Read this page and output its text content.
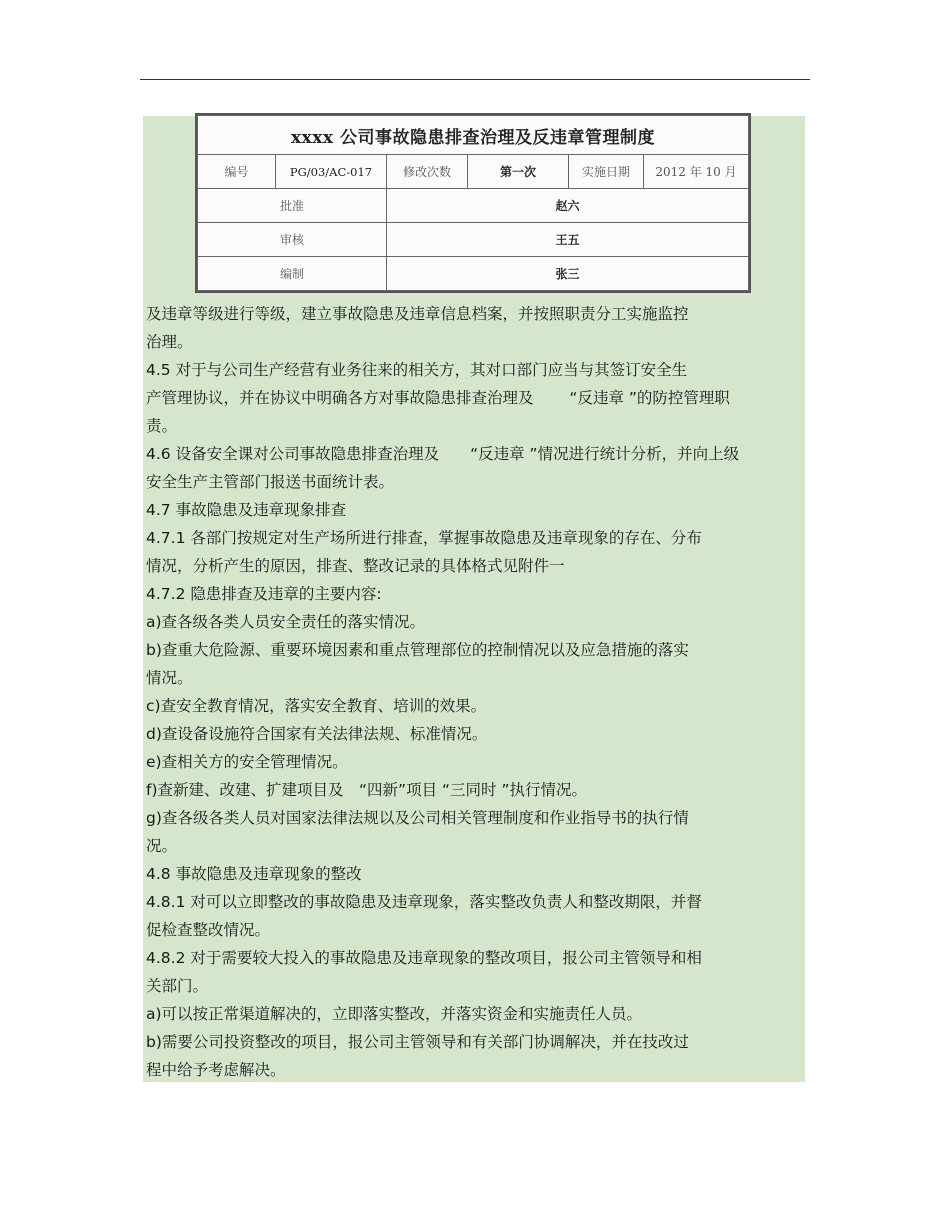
xxxx 公司事故隐患排查治理及反违章管理制度					
编号	PG/03/AC-017	修改次数	第一次	实施日期	2012 年 10 月
批准		赵六			
审核		王五			
编制		张三			

及违章等级进行等级，建立事故隐患及违章信息档案，并按照职责分工实施监控

治理。

4.5 对于与公司生产经营有业务往来的相关方，其对口部门应当与其签订安全生

产管理协议，并在协议中明确各方对事故隐患排查治理及　　 “反违章 ”的防控管理职

责。

4.6 设备安全课对公司事故隐患排查治理及　　“反违章 ”情况进行统计分析，并向上级

安全生产主管部门报送书面统计表。

4.7 事故隐患及违章现象排查

4.7.1 各部门按规定对生产场所进行排查，掌握事故隐患及违章现象的存在、分布

情况，分析产生的原因，排查、整改记录的具体格式见附件一

4.7.2 隐患排查及违章的主要内容:

a)查各级各类人员安全责任的落实情况。

b)查重大危险源、重要环境因素和重点管理部位的控制情况以及应急措施的落实

情况。

c)查安全教育情况，落实安全教育、培训的效果。

d)查设备设施符合国家有关法律法规、标准情况。

e)查相关方的安全管理情况。

f)查新建、改建、扩建项目及　“四新”项目 “三同时 ”执行情况。

g)查各级各类人员对国家法律法规以及公司相关管理制度和作业指导书的执行情

况。

4.8 事故隐患及违章现象的整改

4.8.1 对可以立即整改的事故隐患及违章现象，落实整改负责人和整改期限，并督

促检查整改情况。

4.8.2 对于需要较大投入的事故隐患及违章现象的整改项目，报公司主管领导和相

关部门。

a)可以按正常渠道解决的，立即落实整改，并落实资金和实施责任人员。

b)需要公司投资整改的项目，报公司主管领导和有关部门协调解决，并在技改过

程中给予考虑解决。
